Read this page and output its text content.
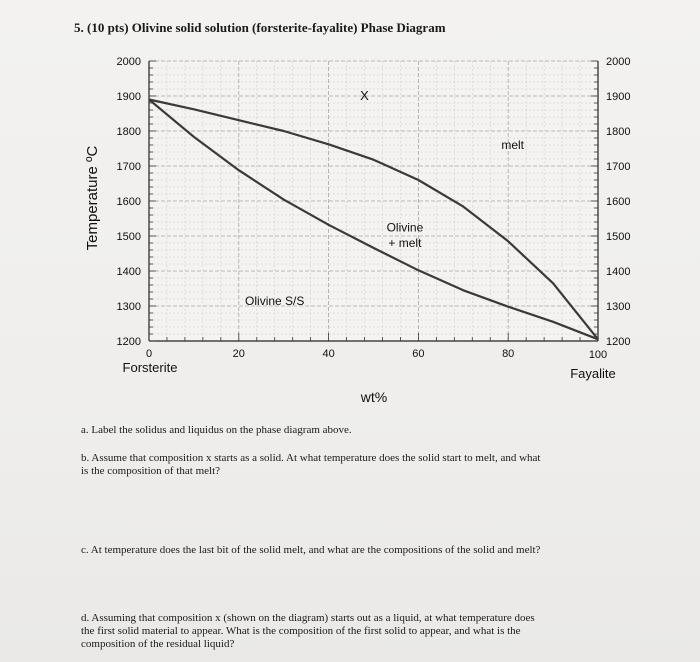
5. (10 pts) Olivine solid solution (forsterite-fayalite) Phase Diagram
1200	1200
1300	1300
1400	1400
1500	1500
1600	1600
1700	1700
1800	1800
1900	1900
2000	2000
0	20	40	60	80	100
X
melt
Olivine
+ melt
Olivine S/S
Temperature ºC
wt%
Forsterite	Fayalite
a. Label the solidus and liquidus on the phase diagram above.
b. Assume that composition x starts as a solid. At what temperature does the solid start to melt, and what
is the composition of that melt?
c. At temperature does the last bit of the solid melt, and what are the compositions of the solid and melt?
d. Assuming that composition x (shown on the diagram) starts out as a liquid, at what temperature does
the first solid material to appear. What is the composition of the first solid to appear, and what is the
composition of the residual liquid?
